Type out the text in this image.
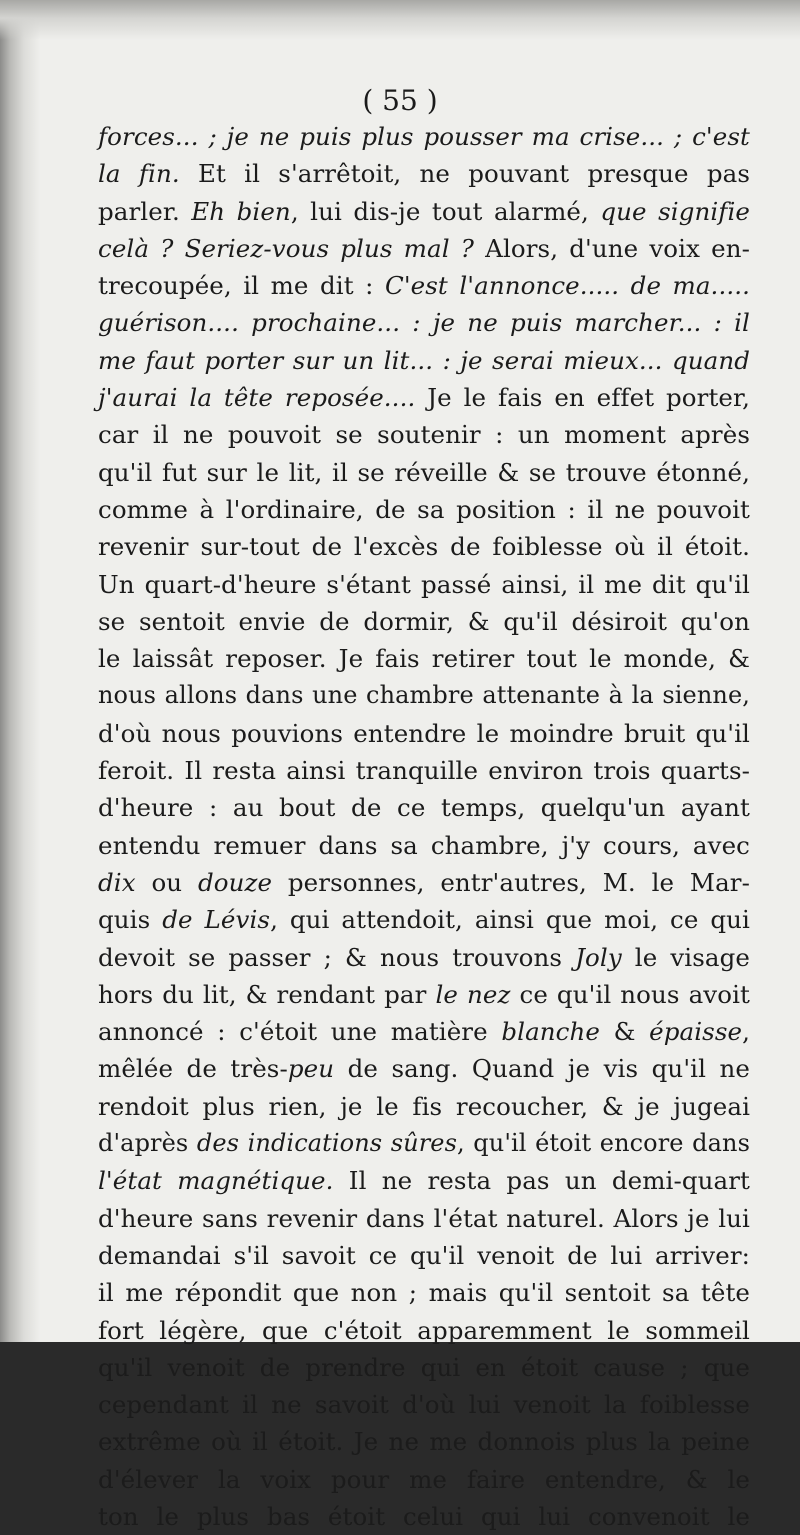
( 55 )

forces... ; je ne puis plus pousser ma crise... ; c'est
la fin. Et il s'arrêtoit, ne pouvant presque pas
parler. Eh bien, lui dis-je tout alarmé, que signifie
celà ? Seriez-vous plus mal ? Alors, d'une voix en-
trecoupée, il me dit : C'est l'annonce..... de ma.....
guérison.... prochaine... : je ne puis marcher... : il
me faut porter sur un lit... : je serai mieux... quand
j'aurai la tête reposée.... Je le fais en effet porter,
car il ne pouvoit se soutenir : un moment après
qu'il fut sur le lit, il se réveille & se trouve étonné,
comme à l'ordinaire, de sa position : il ne pouvoit
revenir sur-tout de l'excès de foiblesse où il étoit.
Un quart-d'heure s'étant passé ainsi, il me dit qu'il
se sentoit envie de dormir, & qu'il désiroit qu'on
le laissât reposer. Je fais retirer tout le monde, &
nous allons dans une chambre attenante à la sienne,
d'où nous pouvions entendre le moindre bruit qu'il
feroit. Il resta ainsi tranquille environ trois quarts-
d'heure : au bout de ce temps, quelqu'un ayant
entendu remuer dans sa chambre, j'y cours, avec
dix ou douze personnes, entr'autres, M. le Mar-
quis de Lévis, qui attendoit, ainsi que moi, ce qui
devoit se passer ; & nous trouvons Joly le visage
hors du lit, & rendant par le nez ce qu'il nous avoit
annoncé : c'étoit une matière blanche & épaisse,
mêlée de très-peu de sang. Quand je vis qu'il ne
rendoit plus rien, je le fis recoucher, & je jugeai
d'après des indications sûres, qu'il étoit encore dans
l'état magnétique. Il ne resta pas un demi-quart
d'heure sans revenir dans l'état naturel. Alors je lui
demandai s'il savoit ce qu'il venoit de lui arriver:
il me répondit que non ; mais qu'il sentoit sa tête
fort légère, que c'étoit apparemment le sommeil
qu'il venoit de prendre qui en étoit cause ; que
cependant il ne savoit d'où lui venoit la foiblesse
extrême où il étoit. Je ne me donnois plus la peine
d'élever la voix pour me faire entendre, & le
ton le plus bas étoit celui qui lui convenoit le
